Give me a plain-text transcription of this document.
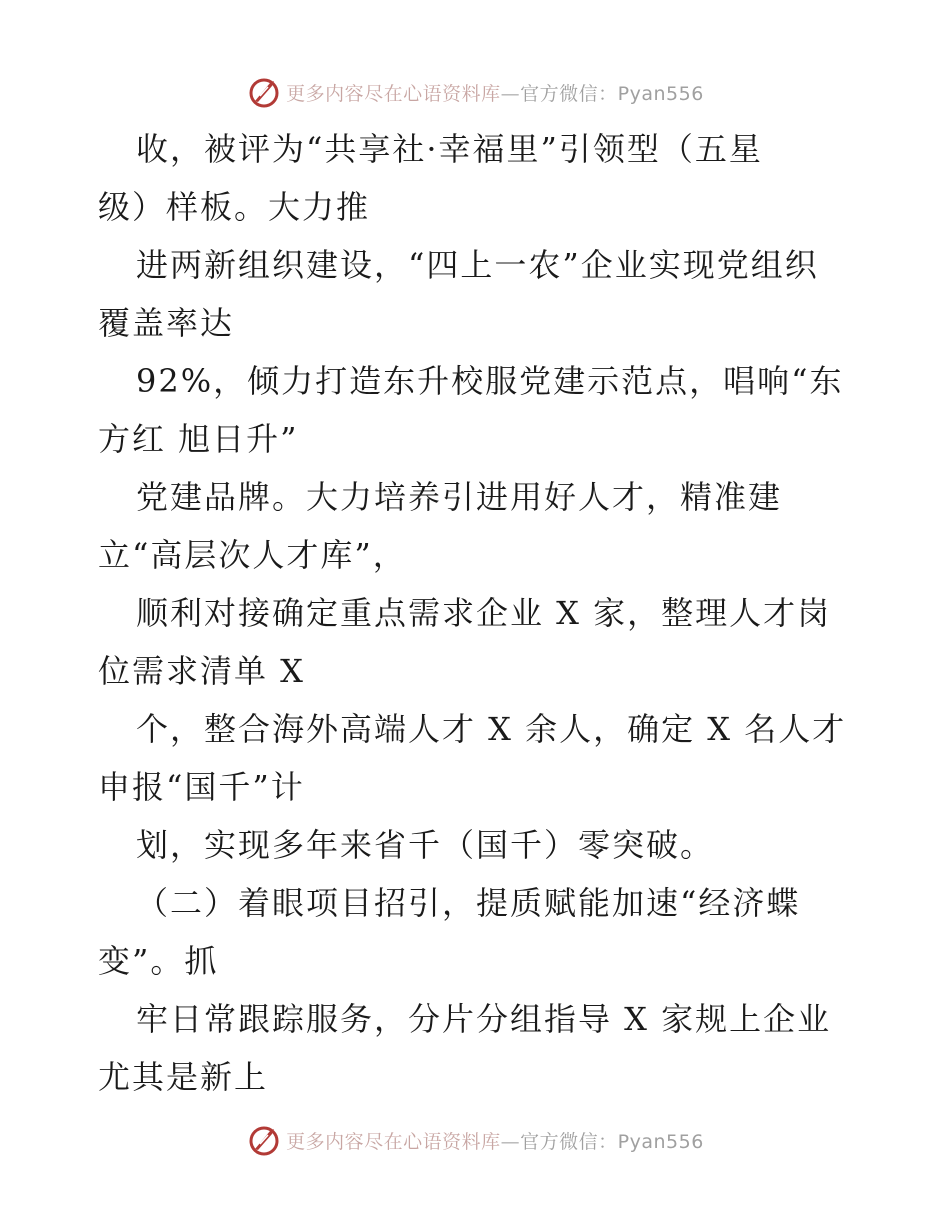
更多内容尽在心语资料库—官方微信：Pyan556
收，被评为“共享社·幸福里”引领型（五星
级）样板。大力推
进两新组织建设，“四上一农”企业实现党组织
覆盖率达
92%，倾力打造东升校服党建示范点，唱响“东
方红 旭日升”
党建品牌。大力培养引进用好人才，精准建
立“高层次人才库”，
顺利对接确定重点需求企业 X 家，整理人才岗
位需求清单 X
个，整合海外高端人才 X 余人，确定 X 名人才
申报“国千”计
划，实现多年来省千（国千）零突破。
（二）着眼项目招引，提质赋能加速“经济蝶
变”。抓
牢日常跟踪服务，分片分组指导 X 家规上企业
尤其是新上
更多内容尽在心语资料库—官方微信：Pyan556
